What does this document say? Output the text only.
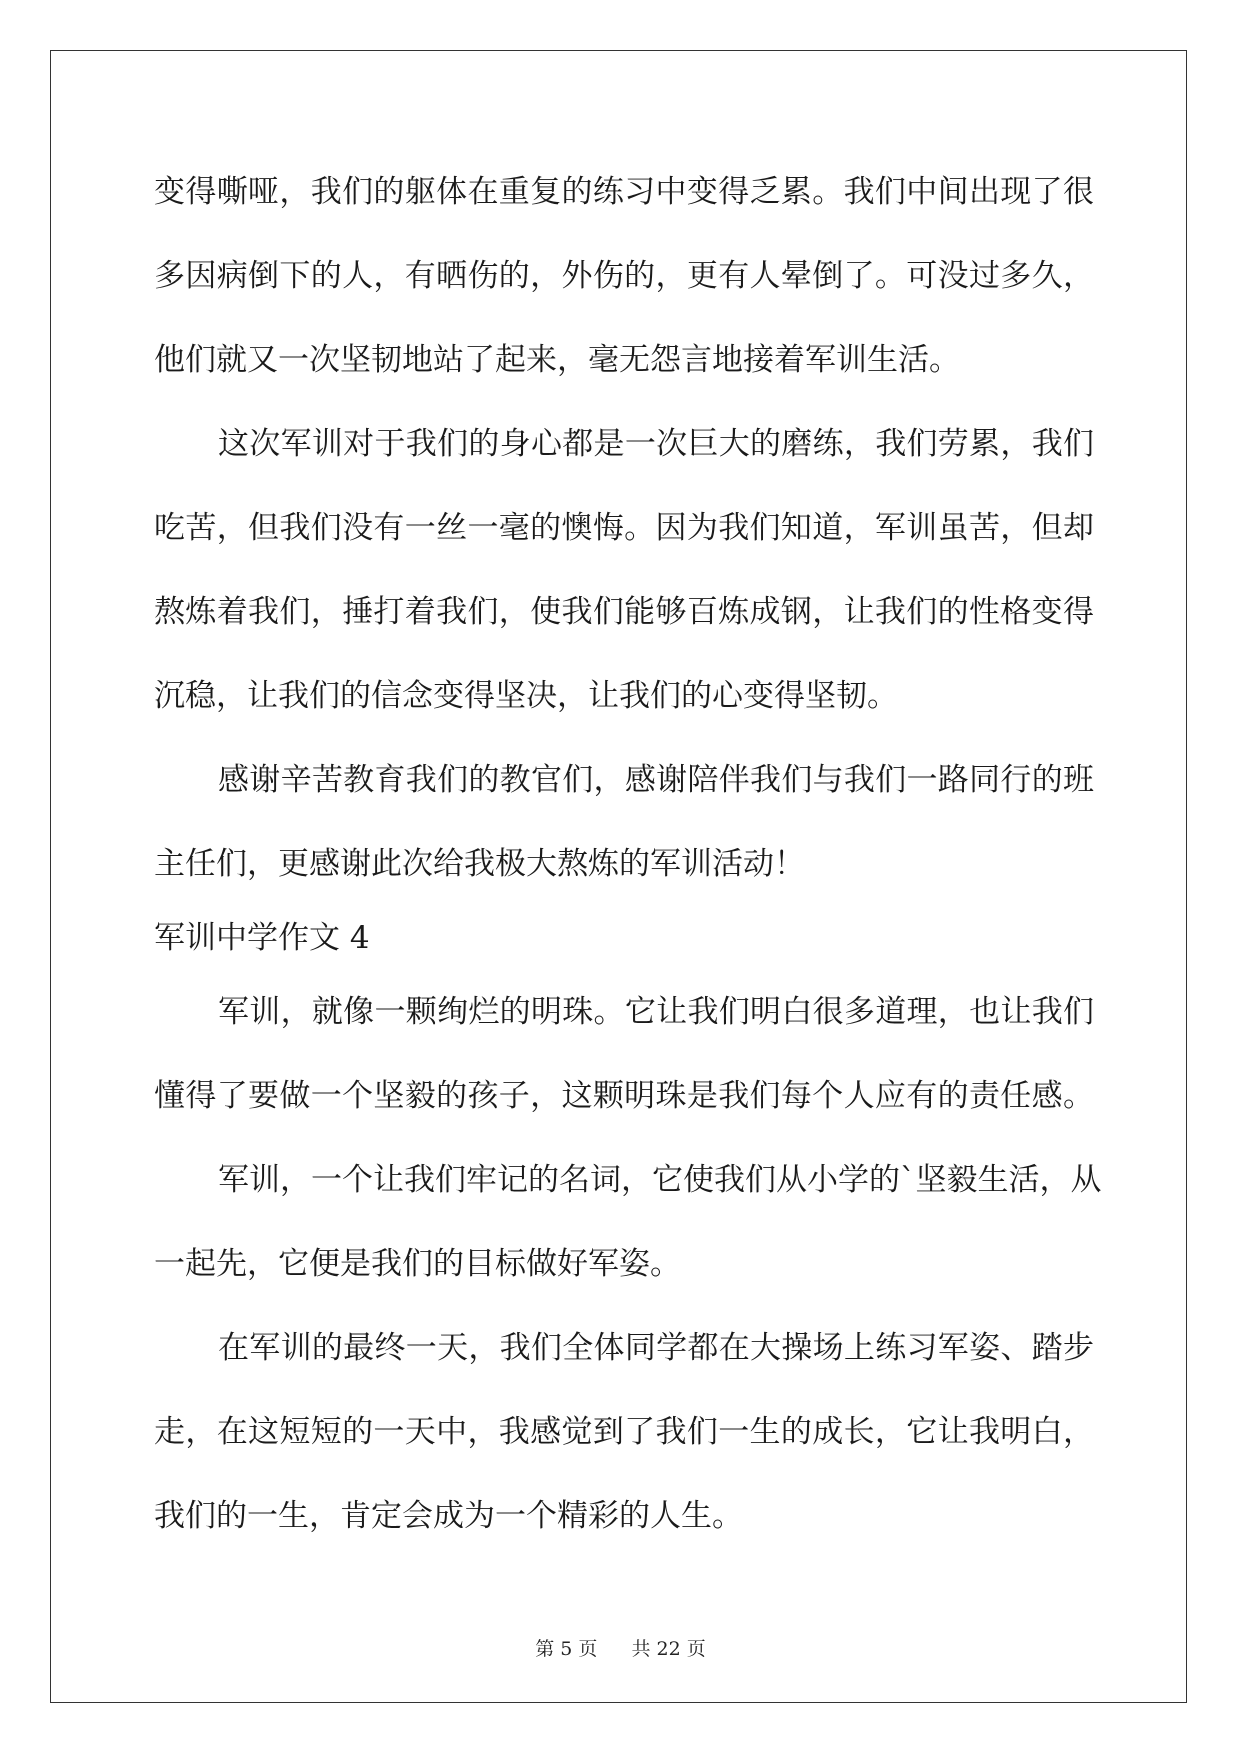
变得嘶哑，我们的躯体在重复的练习中变得乏累。我们中间出现了很
多因病倒下的人，有晒伤的，外伤的，更有人晕倒了。可没过多久，
他们就又一次坚韧地站了起来，毫无怨言地接着军训生活。
这次军训对于我们的身心都是一次巨大的磨练，我们劳累，我们
吃苦，但我们没有一丝一毫的懊悔。因为我们知道，军训虽苦，但却
熬炼着我们，捶打着我们，使我们能够百炼成钢，让我们的性格变得
沉稳，让我们的信念变得坚决，让我们的心变得坚韧。
感谢辛苦教育我们的教官们，感谢陪伴我们与我们一路同行的班
主任们，更感谢此次给我极大熬炼的军训活动！
军训中学作文 4
军训，就像一颗绚烂的明珠。它让我们明白很多道理，也让我们
懂得了要做一个坚毅的孩子，这颗明珠是我们每个人应有的责任感。
军训，一个让我们牢记的名词，它使我们从小学的`坚毅生活，从
一起先，它便是我们的目标做好军姿。
在军训的最终一天，我们全体同学都在大操场上练习军姿、踏步
走，在这短短的一天中，我感觉到了我们一生的成长，它让我明白，
我们的一生，肯定会成为一个精彩的人生。
第 5 页 共 22 页
